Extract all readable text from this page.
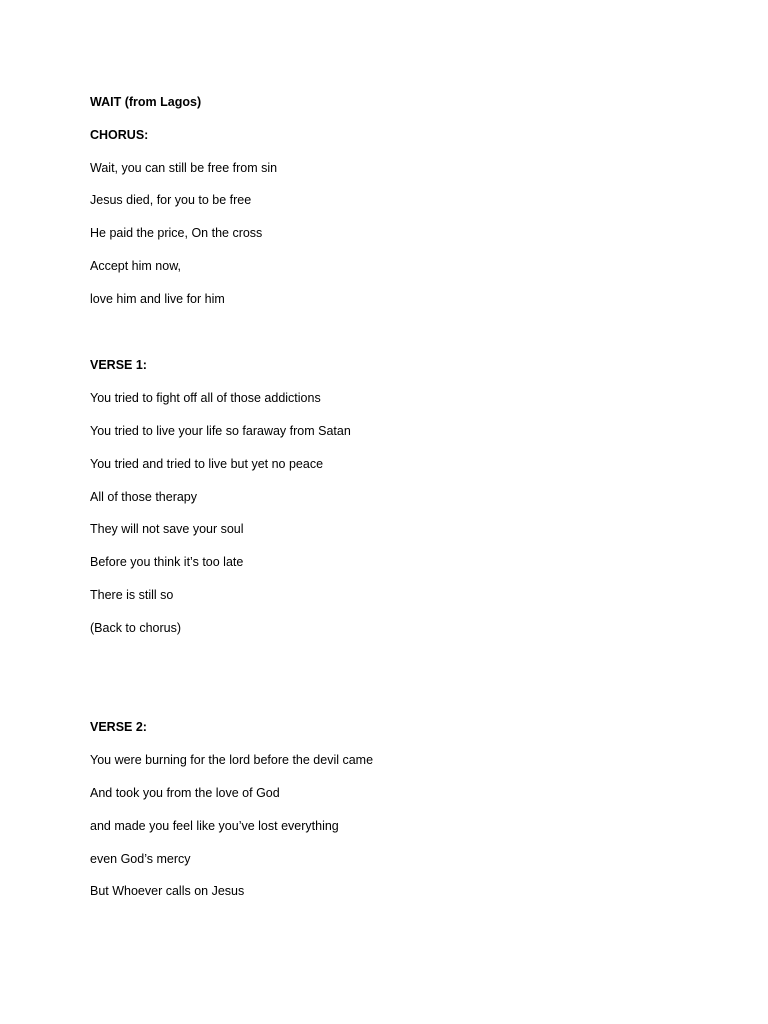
WAIT (from Lagos)

CHORUS:

Wait, you can still be free from sin

Jesus died, for you to be free

He paid the price, On the cross

Accept him now,

love him and live for him

VERSE 1:

You tried to fight off all of those addictions

You tried to live your life so faraway from Satan

You tried and tried to live but yet no peace

All of those therapy

They will not save your soul

Before you think it’s too late

There is still so

(Back to chorus)

VERSE 2:

You were burning for the lord before the devil came

And took you from the love of God

and made you feel like you’ve lost everything

even God’s mercy

But Whoever calls on Jesus
